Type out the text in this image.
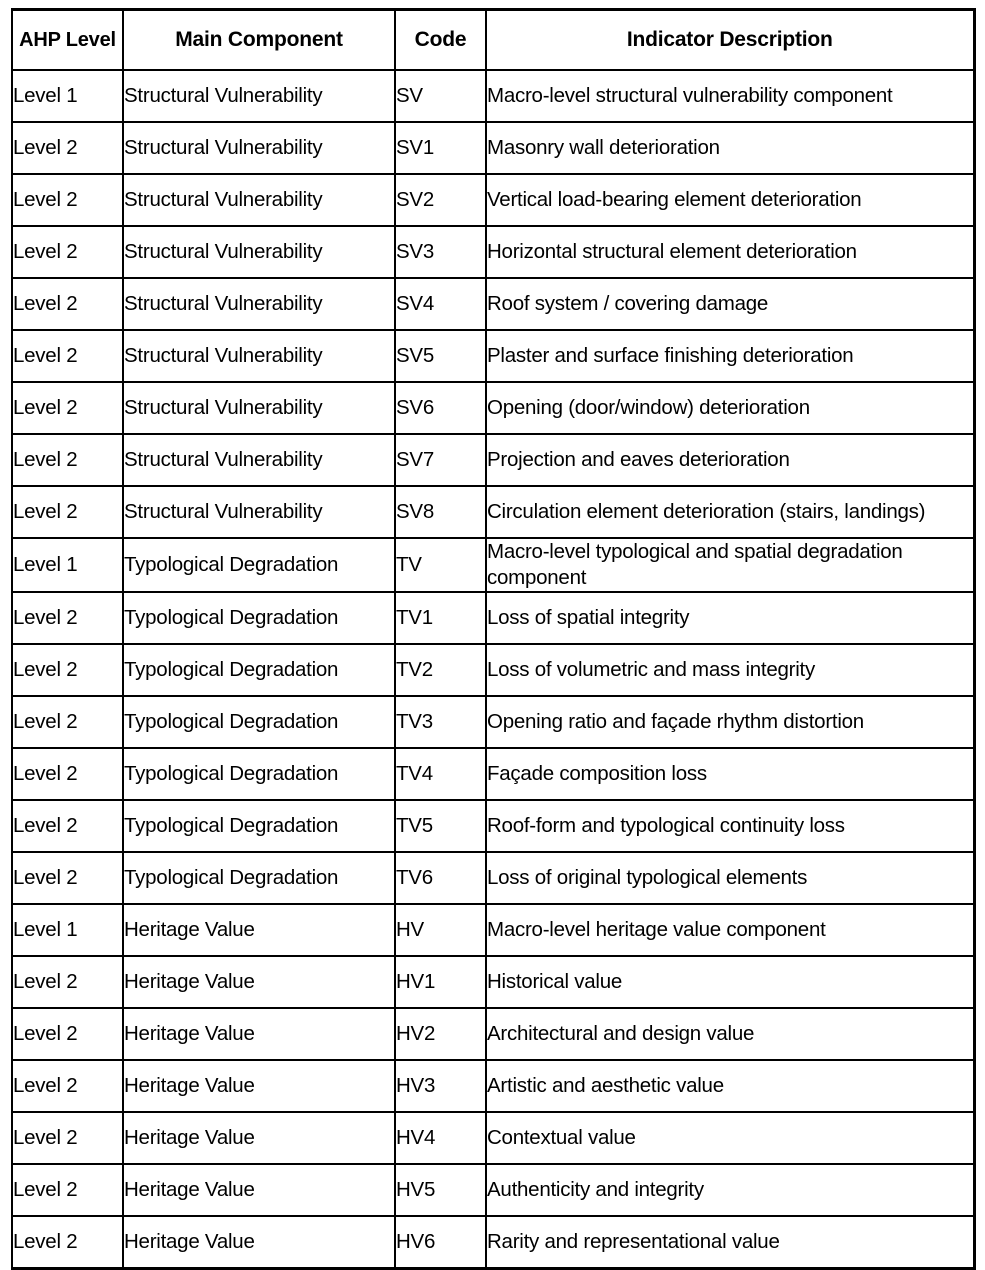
AHP Level	Main Component	Code	Indicator Description
Level 1	Structural Vulnerability	SV	Macro-level structural vulnerability component
Level 2	Structural Vulnerability	SV1	Masonry wall deterioration
Level 2	Structural Vulnerability	SV2	Vertical load-bearing element deterioration
Level 2	Structural Vulnerability	SV3	Horizontal structural element deterioration
Level 2	Structural Vulnerability	SV4	Roof system / covering damage
Level 2	Structural Vulnerability	SV5	Plaster and surface finishing deterioration
Level 2	Structural Vulnerability	SV6	Opening (door/window) deterioration
Level 2	Structural Vulnerability	SV7	Projection and eaves deterioration
Level 2	Structural Vulnerability	SV8	Circulation element deterioration (stairs, landings)
Level 1	Typological Degradation	TV	Macro-level typological and spatial degradation component

Level 2	Typological Degradation	TV1	Loss of spatial integrity
Level 2	Typological Degradation	TV2	Loss of volumetric and mass integrity
Level 2	Typological Degradation	TV3	Opening ratio and façade rhythm distortion
Level 2	Typological Degradation	TV4	Façade composition loss
Level 2	Typological Degradation	TV5	Roof-form and typological continuity loss
Level 2	Typological Degradation	TV6	Loss of original typological elements
Level 1	Heritage Value	HV	Macro-level heritage value component
Level 2	Heritage Value	HV1	Historical value
Level 2	Heritage Value	HV2	Architectural and design value
Level 2	Heritage Value	HV3	Artistic and aesthetic value
Level 2	Heritage Value	HV4	Contextual value
Level 2	Heritage Value	HV5	Authenticity and integrity
Level 2	Heritage Value	HV6	Rarity and representational value
